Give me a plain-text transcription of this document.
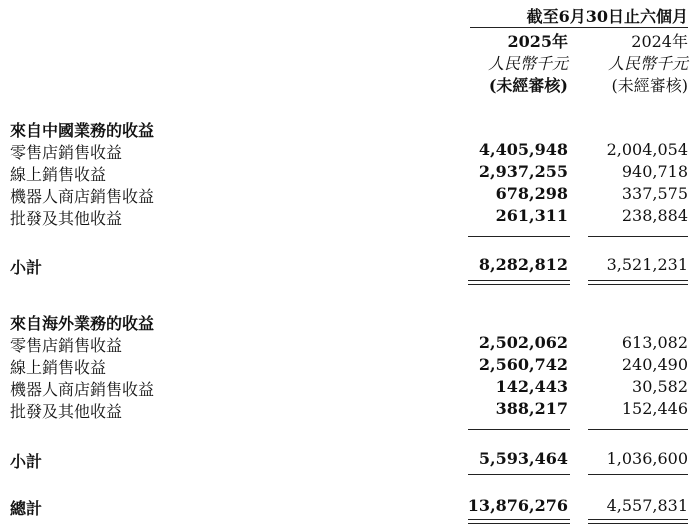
截至6月30日止六個月
2025年
人民幣千元
(未經審核)
2024年
人民幣千元
(未經審核)
來自中國業務的收益
零售店銷售收益	4,405,948 2,004,054
線上銷售收益	2,937,255	940,718
機器人商店銷售收益	678,298	337,575
批發及其他收益	261,311	238,884
小計	8,282,812 3,521,231
來自海外業務的收益
零售店銷售收益	2,502,062	613,082
線上銷售收益	2,560,742	240,490
機器人商店銷售收益	142,443	30,582
批發及其他收益	388,217	152,446
小計	5,593,464 1,036,600
總計	13,876,276 4,557,831
